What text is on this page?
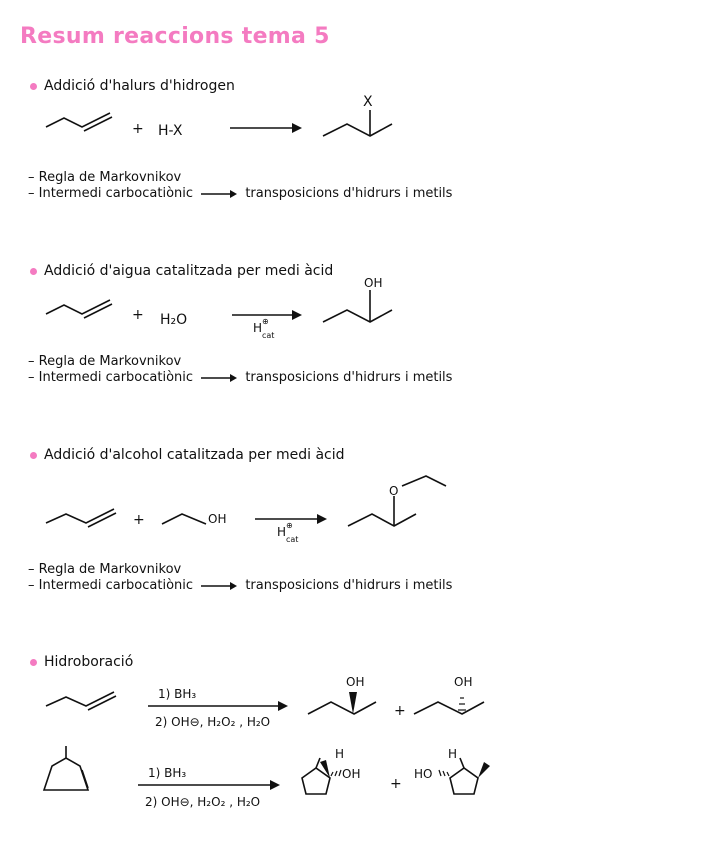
Resum reaccions tema 5
Addició d'halurs d'hidrogen
+ H-X
X
– Regla de Markovnikov
– Intermedi carbocatiònic	transposicions d'hidrurs i metils
Addició d'aigua catalitzada per medi àcid
+ H₂O	H ⊕
cat
OH
– Regla de Markovnikov
– Intermedi carbocatiònic	transposicions d'hidrurs i metils
Addició d'alcohol catalitzada per medi àcid
+	OH
H ⊕
cat
O
– Regla de Markovnikov
– Intermedi carbocatiònic	transposicions d'hidrurs i metils
Hidroboració
1) BH₃
2) OH⊖, H₂O₂ , H₂O
+
OH	OH
1) BH₃
2) OH⊖, H₂O₂ , H₂O
H
OH
+
H
HO
